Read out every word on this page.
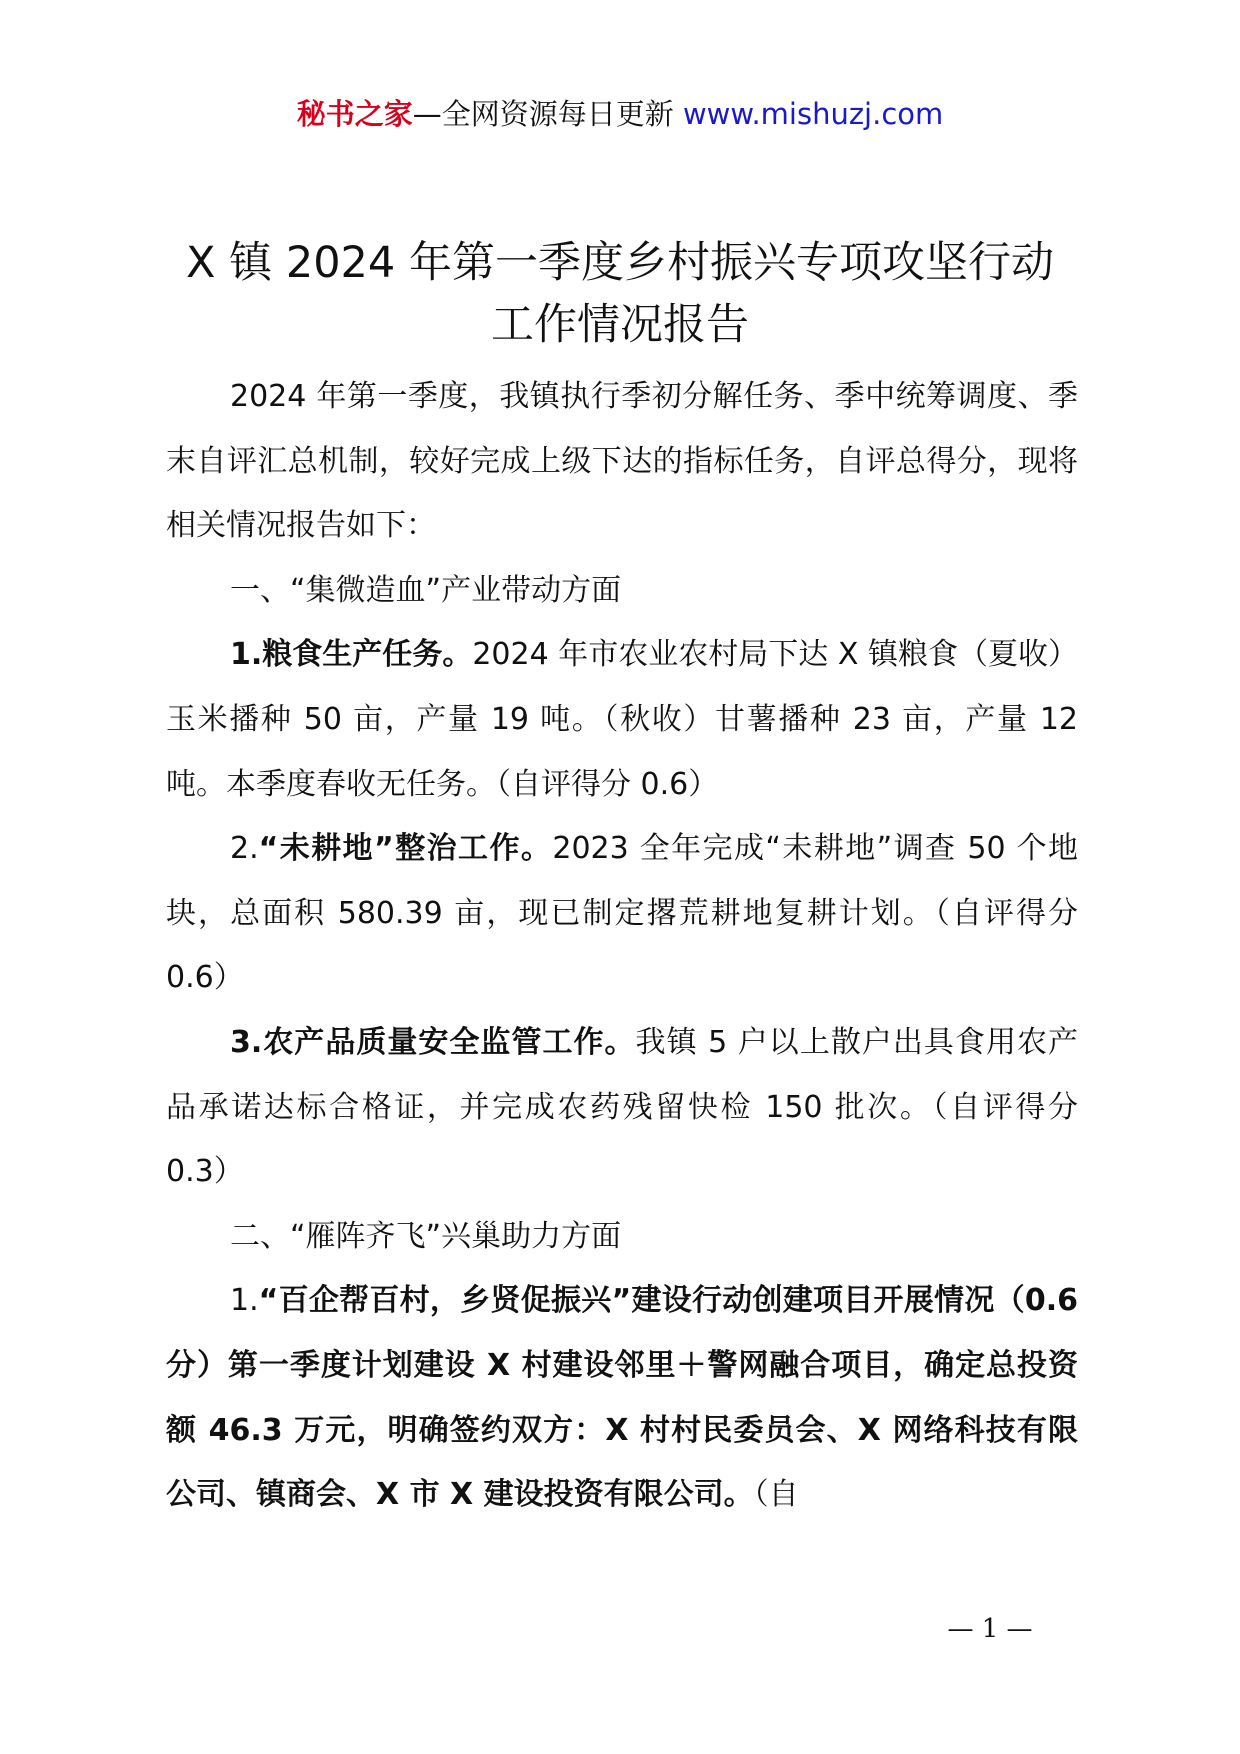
秘书之家—全网资源每日更新 www.mishuzj.com
X 镇 2024 年第一季度乡村振兴专项攻坚行动
工作情况报告

2024 年第一季度，我镇执行季初分解任务、季中统筹调度、季末自评汇总机制，较好完成上级下达的指标任务，自评总得分，现将相关情况报告如下：

一、“集微造血”产业带动方面

1.粮食生产任务。2024 年市农业农村局下达 X 镇粮食（夏收）玉米播种 50 亩，产量 19 吨。（秋收）甘薯播种 23 亩，产量 12 吨。本季度春收无任务。（自评得分 0.6）

2.“未耕地”整治工作。2023 全年完成“未耕地”调查 50 个地块，总面积 580.39 亩，现已制定撂荒耕地复耕计划。（自评得分 0.6）

3.农产品质量安全监管工作。我镇 5 户以上散户出具食用农产品承诺达标合格证，并完成农药残留快检 150 批次。（自评得分 0.3）

二、“雁阵齐飞”兴巢助力方面

1.“百企帮百村，乡贤促振兴”建设行动创建项目开展情况（0.6 分）第一季度计划建设 X 村建设邻里＋警网融合项目，确定总投资额 46.3 万元，明确签约双方：X 村村民委员会、X 网络科技有限公司、镇商会、X 市 X 建设投资有限公司。（自

— 1 —
